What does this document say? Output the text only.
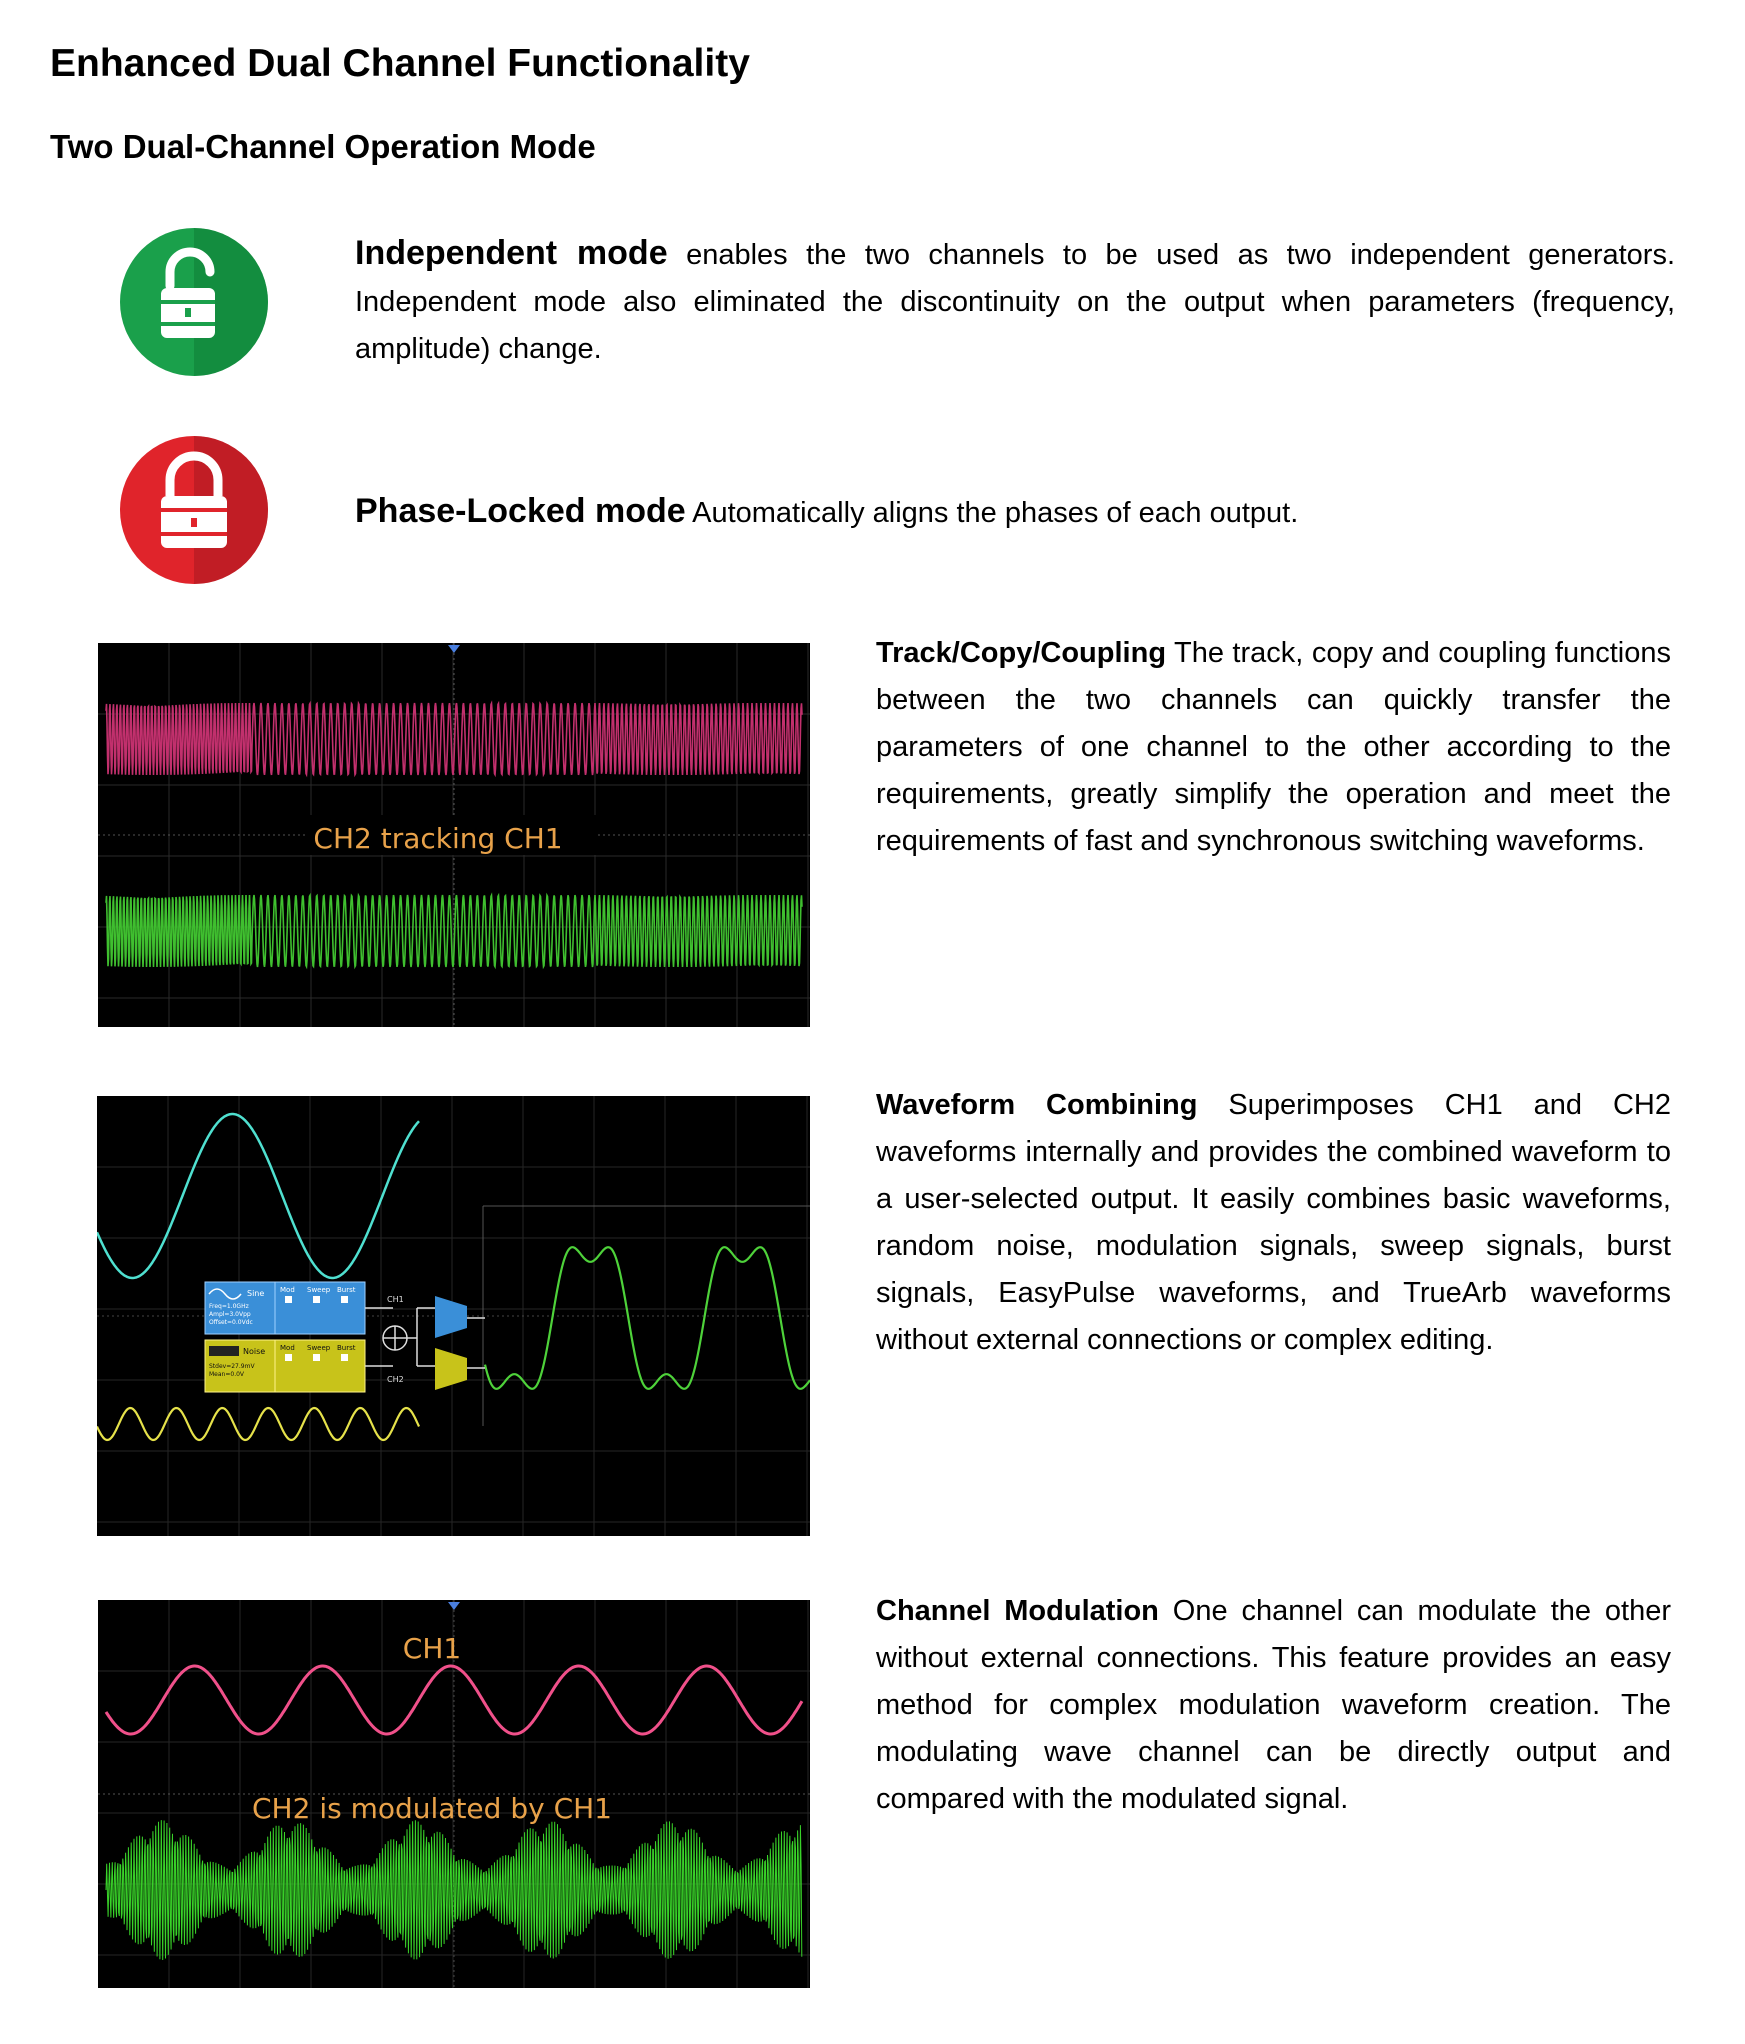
Enhanced Dual Channel Functionality
Two Dual-Channel Operation Mode

Independent mode enables the two channels to be used as two independent generators. Independent mode also eliminated the discontinuity on the output when parameters (frequency, amplitude) change.

Phase-Locked mode Automatically aligns the phases of each output.

CH2 tracking CH1

Track/Copy/Coupling The track, copy and coupling functions between the two channels can quickly transfer the parameters of one channel to the other according to the requirements, greatly simplify the operation and meet the requirements of fast and synchronous switching waveforms.

Sine
Freq=1.0GHz
Ampl=3.0Vpp
Offset=0.0Vdc
Mod Sweep Burst
Noise
Stdev=27.9mV
Mean=0.0V
Mod Sweep Burst
CH1
CH2

Waveform Combining Superimposes CH1 and CH2 waveforms internally and provides the combined waveform to a user-selected output. It easily combines basic waveforms, random noise, modulation signals, sweep signals, burst signals, EasyPulse waveforms, and TrueArb waveforms without external connections or complex editing.

CH1
CH2 is modulated by CH1

Channel Modulation One channel can modulate the other without external connections. This feature provides an easy method for complex modulation waveform creation. The modulating wave channel can be directly output and compared with the modulated signal.
